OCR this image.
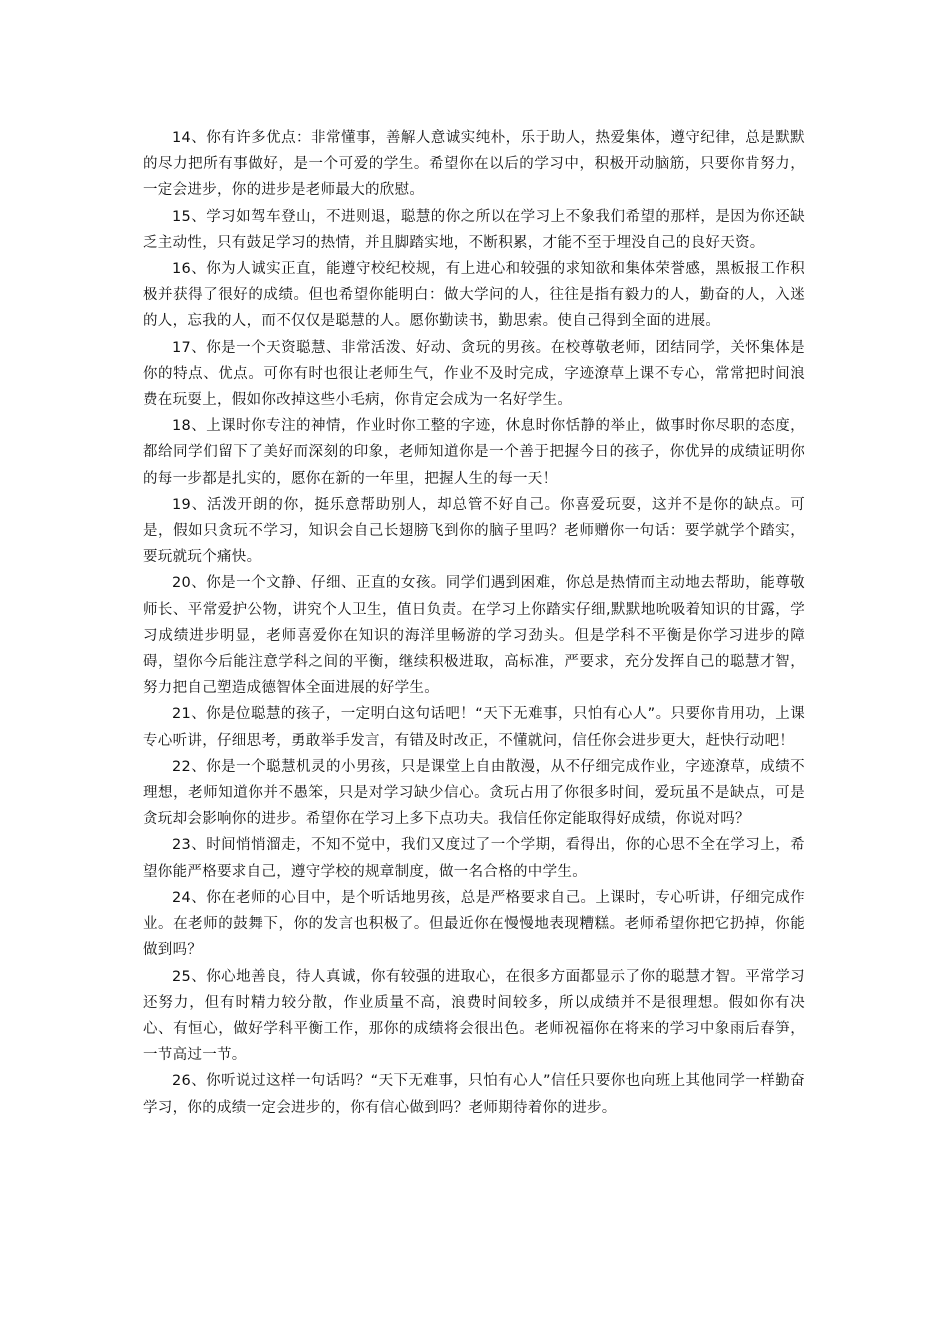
14、你有许多优点：非常懂事，善解人意诚实纯朴，乐于助人，热爱集体，遵守纪律，总是默默的尽力把所有事做好，是一个可爱的学生。希望你在以后的学习中，积极开动脑筋，只要你肯努力，一定会进步，你的进步是老师最大的欣慰。

15、学习如驾车登山，不进则退，聪慧的你之所以在学习上不象我们希望的那样，是因为你还缺乏主动性，只有鼓足学习的热情，并且脚踏实地，不断积累，才能不至于埋没自己的良好天资。

16、你为人诚实正直，能遵守校纪校规，有上进心和较强的求知欲和集体荣誉感，黑板报工作积极并获得了很好的成绩。但也希望你能明白：做大学问的人，往往是指有毅力的人，勤奋的人，入迷的人，忘我的人，而不仅仅是聪慧的人。愿你勤读书，勤思索。使自己得到全面的进展。

17、你是一个天资聪慧、非常活泼、好动、贪玩的男孩。在校尊敬老师，团结同学，关怀集体是你的特点、优点。可你有时也很让老师生气，作业不及时完成，字迹潦草上课不专心，常常把时间浪费在玩耍上，假如你改掉这些小毛病，你肯定会成为一名好学生。

18、上课时你专注的神情，作业时你工整的字迹，休息时你恬静的举止，做事时你尽职的态度，都给同学们留下了美好而深刻的印象，老师知道你是一个善于把握今日的孩子，你优异的成绩证明你的每一步都是扎实的，愿你在新的一年里，把握人生的每一天！

19、活泼开朗的你，挺乐意帮助别人，却总管不好自己。你喜爱玩耍，这并不是你的缺点。可是，假如只贪玩不学习，知识会自己长翅膀飞到你的脑子里吗？老师赠你一句话：要学就学个踏实，要玩就玩个痛快。

20、你是一个文静、仔细、正直的女孩。同学们遇到困难，你总是热情而主动地去帮助，能尊敬师长、平常爱护公物，讲究个人卫生，值日负责。在学习上你踏实仔细,默默地吮吸着知识的甘露，学习成绩进步明显，老师喜爱你在知识的海洋里畅游的学习劲头。但是学科不平衡是你学习进步的障碍，望你今后能注意学科之间的平衡，继续积极进取，高标准，严要求，充分发挥自己的聪慧才智，努力把自己塑造成德智体全面进展的好学生。

21、你是位聪慧的孩子，一定明白这句话吧！“天下无难事，只怕有心人”。只要你肯用功，上课专心听讲，仔细思考，勇敢举手发言，有错及时改正，不懂就问，信任你会进步更大，赶快行动吧！

22、你是一个聪慧机灵的小男孩，只是课堂上自由散漫，从不仔细完成作业，字迹潦草，成绩不理想，老师知道你并不愚笨，只是对学习缺少信心。贪玩占用了你很多时间，爱玩虽不是缺点，可是贪玩却会影响你的进步。希望你在学习上多下点功夫。我信任你定能取得好成绩，你说对吗？

23、时间悄悄溜走，不知不觉中，我们又度过了一个学期，看得出，你的心思不全在学习上，希望你能严格要求自己，遵守学校的规章制度，做一名合格的中学生。

24、你在老师的心目中，是个听话地男孩，总是严格要求自己。上课时，专心听讲，仔细完成作业。在老师的鼓舞下，你的发言也积极了。但最近你在慢慢地表现糟糕。老师希望你把它扔掉，你能做到吗？

25、你心地善良，待人真诚，你有较强的进取心，在很多方面都显示了你的聪慧才智。平常学习还努力，但有时精力较分散，作业质量不高，浪费时间较多，所以成绩并不是很理想。假如你有决心、有恒心，做好学科平衡工作，那你的成绩将会很出色。老师祝福你在将来的学习中象雨后春笋，一节高过一节。

26、你听说过这样一句话吗？“天下无难事，只怕有心人”信任只要你也向班上其他同学一样勤奋学习，你的成绩一定会进步的，你有信心做到吗？老师期待着你的进步。
